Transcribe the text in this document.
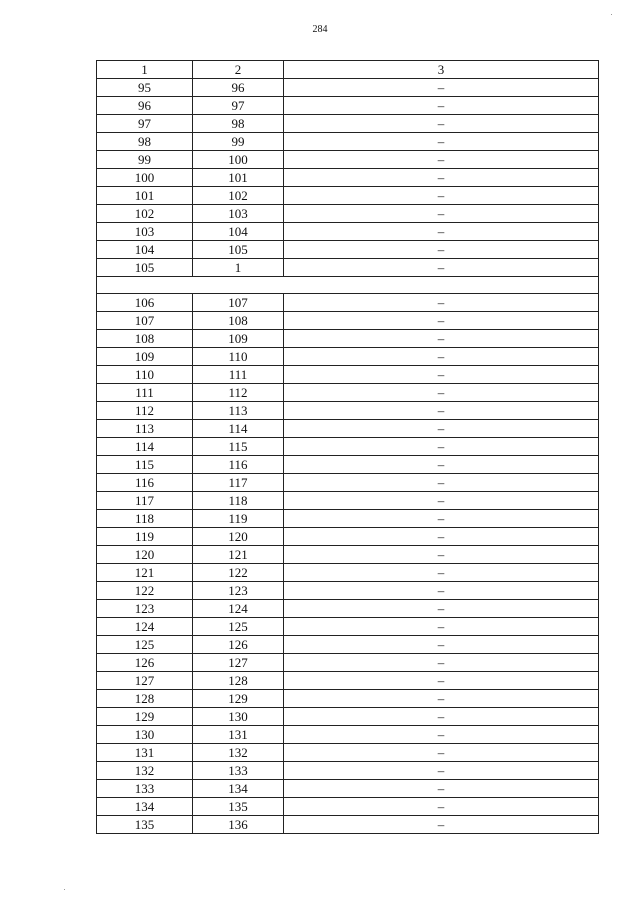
284
1	2	3
95	96	–
96	97	–
97	98	–
98	99	–
99	100	–
100	101	–
101	102	–
102	103	–
103	104	–
104	105	–
105	1	–

106	107	–
107	108	–
108	109	–
109	110	–
110	111	–
111	112	–
112	113	–
113	114	–
114	115	–
115	116	–
116	117	–
117	118	–
118	119	–
119	120	–
120	121	–
121	122	–
122	123	–
123	124	–
124	125	–
125	126	–
126	127	–
127	128	–
128	129	–
129	130	–
130	131	–
131	132	–
132	133	–
133	134	–
134	135	–
135	136	–
